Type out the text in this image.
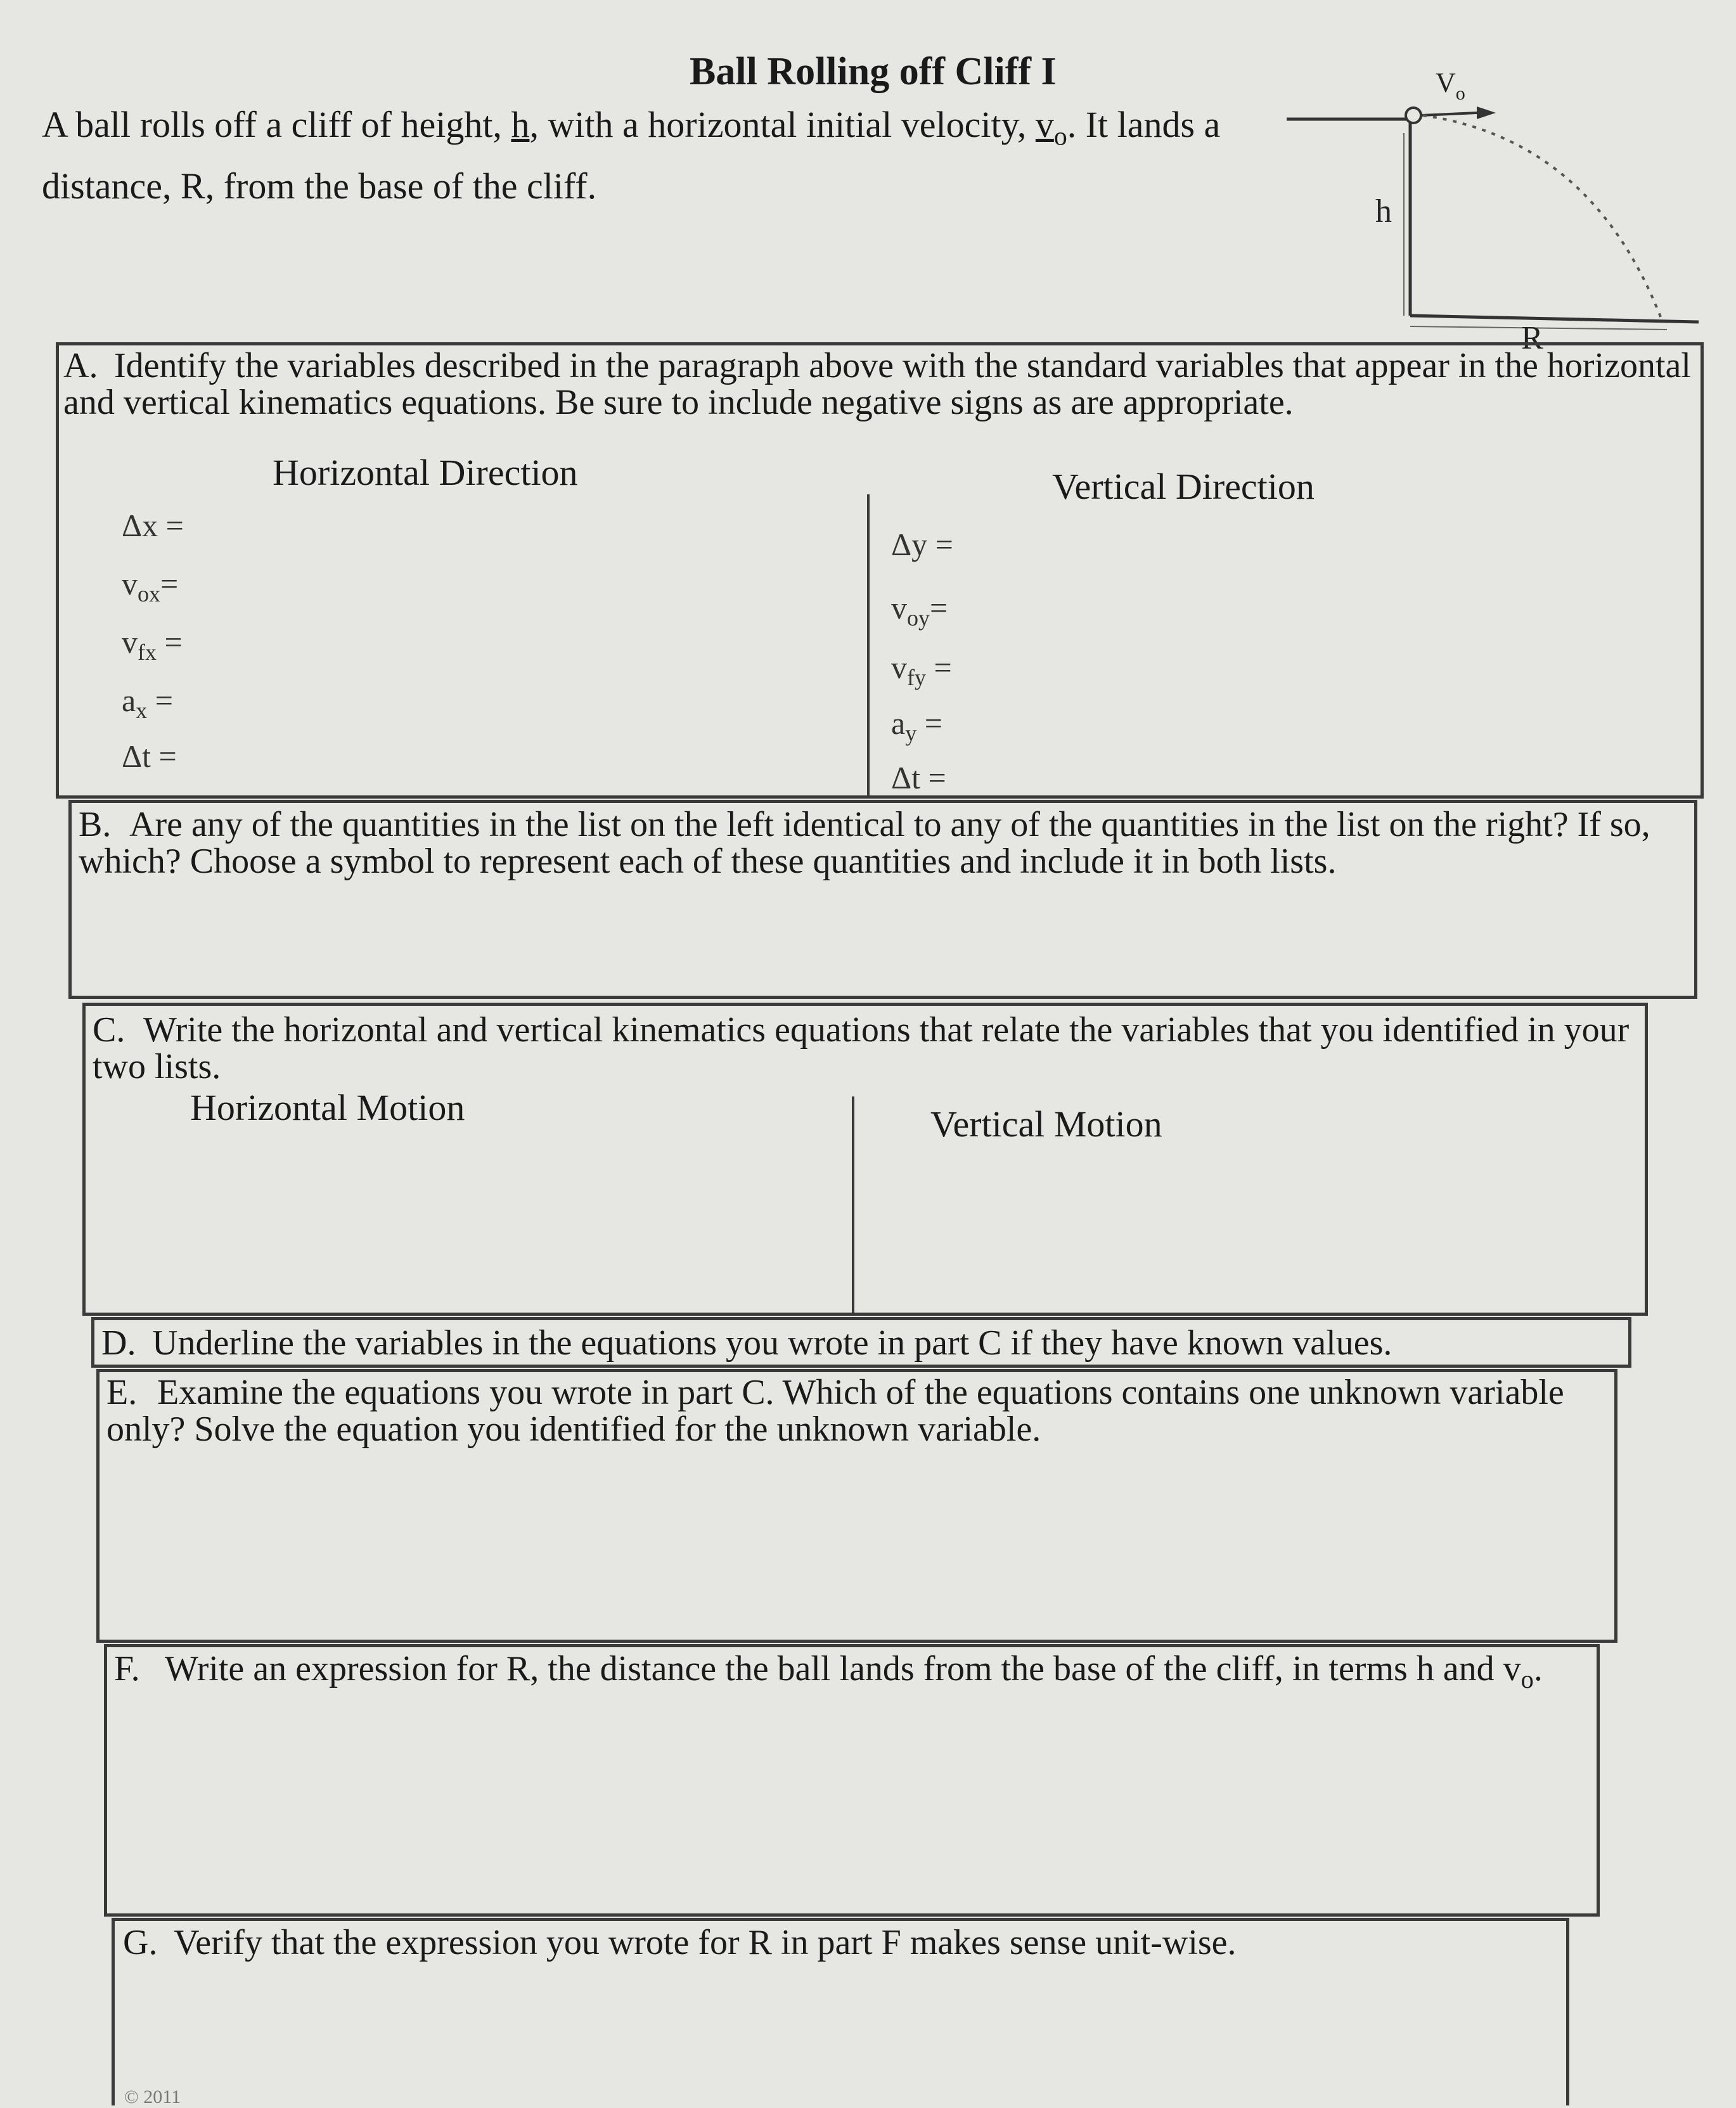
Ball Rolling off Cliff I
A ball rolls off a cliff of height, h, with a horizontal initial velocity, $v_o$. It lands a distance, R, from the base of the cliff.
$V_o$
h
R
A. Identify the variables described in the paragraph above with the standard variables that appear in the horizontal and vertical kinematics equations. Be sure to include negative signs as are appropriate.
Horizontal Direction	Vertical Direction
Δx =
$v_{ox}=$
$v_{fx}$ =
$a_x$ =
Δt =
Δy =
$v_{oy}=$
$v_{fy}$ =
$a_y$ =
Δt =
B. Are any of the quantities in the list on the left identical to any of the quantities in the list on the right? If so, which? Choose a symbol to represent each of these quantities and include it in both lists.
C. Write the horizontal and vertical kinematics equations that relate the variables that you identified in your two lists.
Horizontal Motion	Vertical Motion
D. Underline the variables in the equations you wrote in part C if they have known values.
E. Examine the equations you wrote in part C. Which of the equations contains one unknown variable only? Solve the equation you identified for the unknown variable.
F. Write an expression for R, the distance the ball lands from the base of the cliff, in terms h and $v_o$.
G. Verify that the expression you wrote for R in part F makes sense unit-wise.
© 2011
